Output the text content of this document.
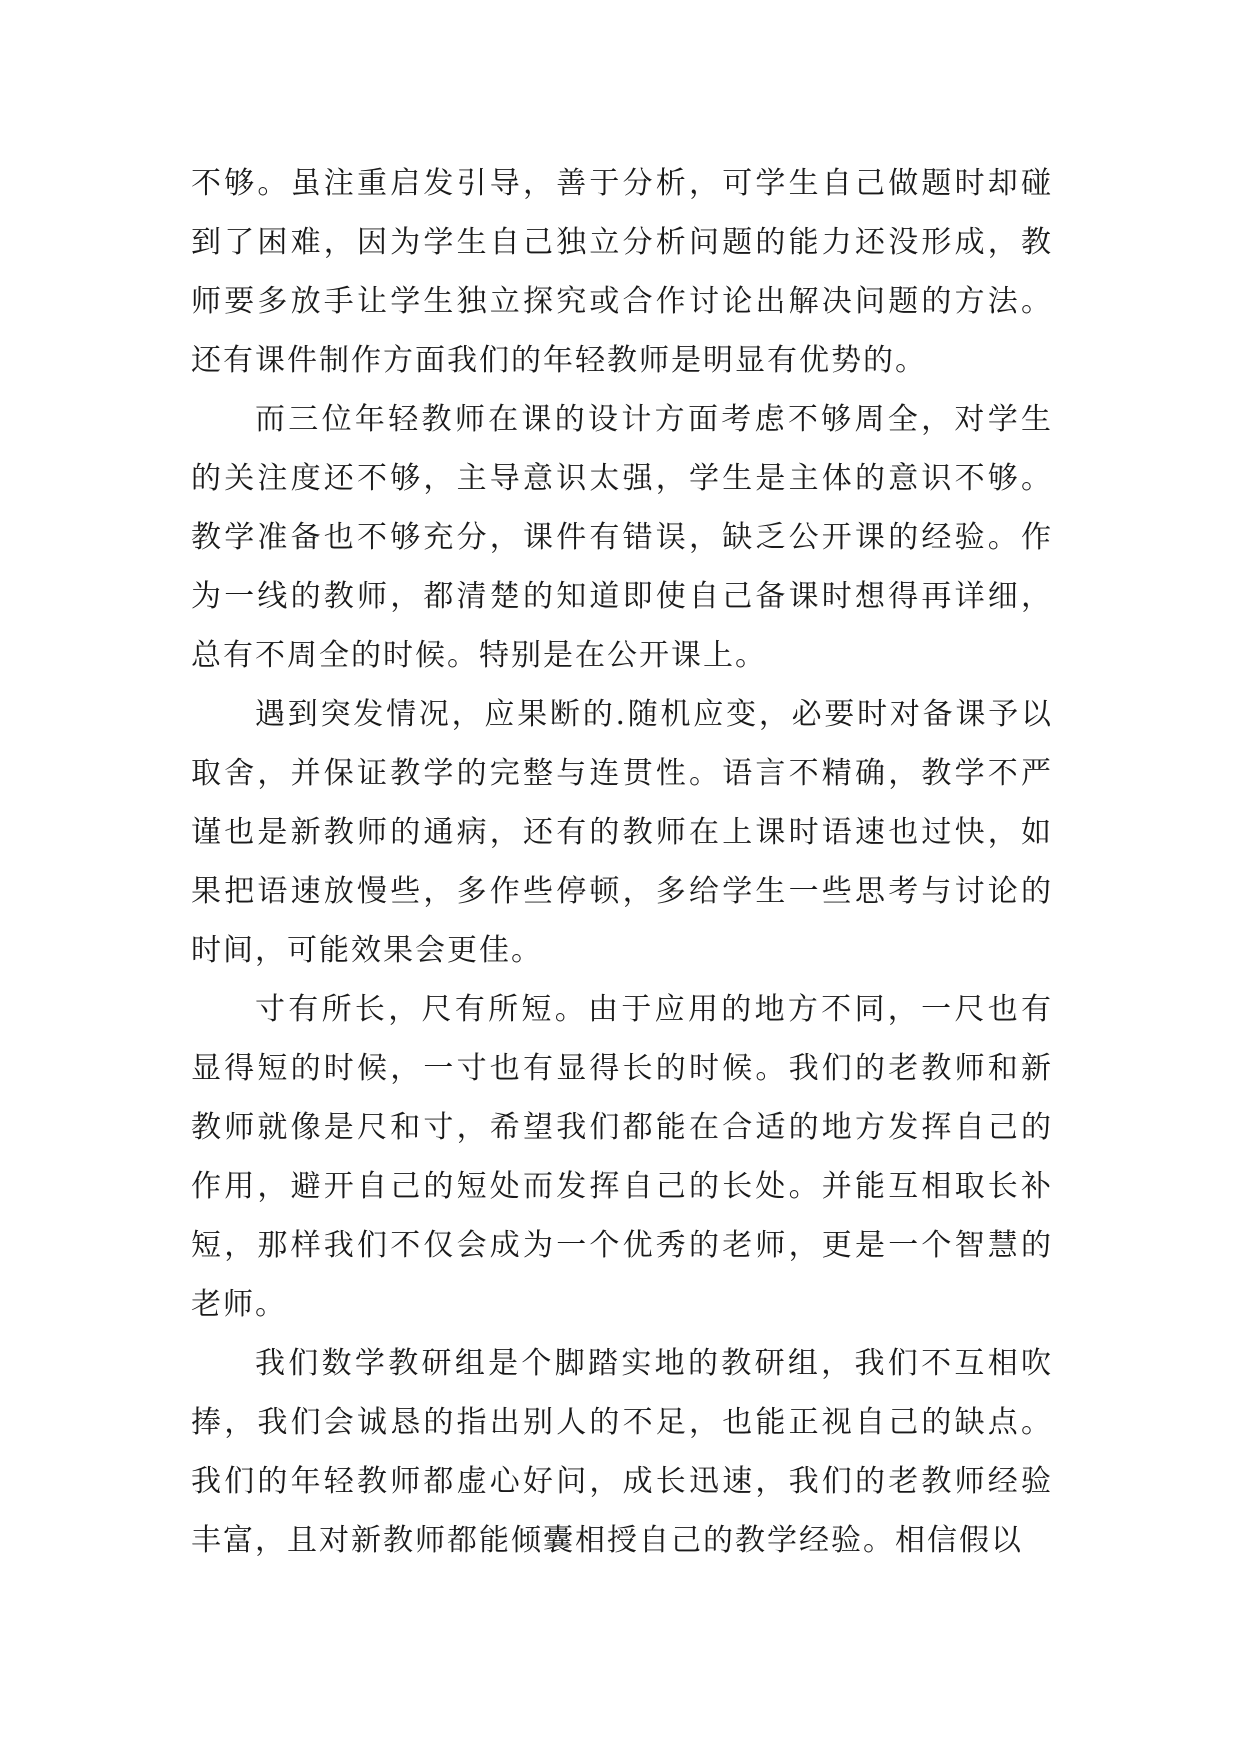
不够。虽注重启发引导，善于分析，可学生自己做题时却碰到了困难，因为学生自己独立分析问题的能力还没形成，教师要多放手让学生独立探究或合作讨论出解决问题的方法。还有课件制作方面我们的年轻教师是明显有优势的。

而三位年轻教师在课的设计方面考虑不够周全，对学生的关注度还不够，主导意识太强，学生是主体的意识不够。教学准备也不够充分，课件有错误，缺乏公开课的经验。作为一线的教师，都清楚的知道即使自己备课时想得再详细，总有不周全的时候。特别是在公开课上。

遇到突发情况，应果断的.随机应变，必要时对备课予以取舍，并保证教学的完整与连贯性。语言不精确，教学不严谨也是新教师的通病，还有的教师在上课时语速也过快，如果把语速放慢些，多作些停顿，多给学生一些思考与讨论的时间，可能效果会更佳。

寸有所长，尺有所短。由于应用的地方不同，一尺也有显得短的时候，一寸也有显得长的时候。我们的老教师和新教师就像是尺和寸，希望我们都能在合适的地方发挥自己的作用，避开自己的短处而发挥自己的长处。并能互相取长补短，那样我们不仅会成为一个优秀的老师，更是一个智慧的老师。

我们数学教研组是个脚踏实地的教研组，我们不互相吹捧，我们会诚恳的指出别人的不足，也能正视自己的缺点。我们的年轻教师都虚心好问，成长迅速，我们的老教师经验丰富，且对新教师都能倾囊相授自己的教学经验。相信假以
